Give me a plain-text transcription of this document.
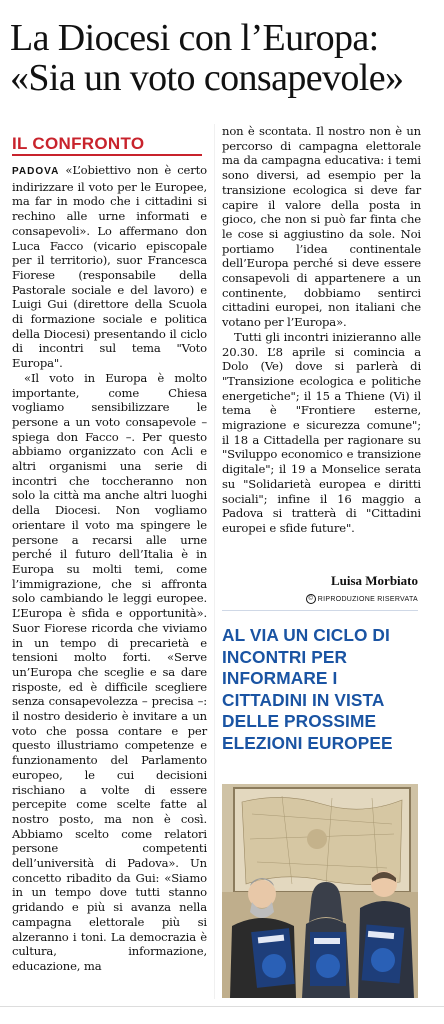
La Diocesi con l’Europa:
«Sia un voto consapevole»
IL CONFRONTO

PADOVA «L’obiettivo non è certo indirizzare il voto per le Europee, ma far in modo che i cittadini si rechino alle urne informati e consapevoli». Lo affermano don Luca Facco (vicario episcopale per il territorio), suor Francesca Fiorese (responsabile della Pastorale sociale e del lavoro) e Luigi Gui (direttore della Scuola di formazione sociale e politica della Diocesi) presentando il ciclo di incontri sul tema "Voto Europa".

«Il voto in Europa è molto importante, come Chiesa vogliamo sensibilizzare le persone a un voto consapevole – spiega don Facco –. Per questo abbiamo organizzato con Acli e altri organismi una serie di incontri che toccheranno non solo la città ma anche altri luoghi della Diocesi. Non vogliamo orientare il voto ma spingere le persone a recarsi alle urne perché il futuro dell’Italia è in Europa su molti temi, come l’immigrazione, che si affronta solo cambiando le leggi europee. L’Europa è sfida e opportunità». Suor Fiorese ricorda che viviamo in un tempo di precarietà e tensioni molto forti. «Serve un’Europa che sceglie e sa dare risposte, ed è difficile scegliere senza consapevolezza – precisa –: il nostro desiderio è invitare a un voto che possa contare e per questo illustriamo competenze e funzionamento del Parlamento europeo, le cui decisioni rischiano a volte di essere percepite come scelte fatte al nostro posto, ma non è così. Abbiamo scelto come relatori persone competenti dell’università di Padova». Un concetto ribadito da Gui: «Siamo in un tempo dove tutti stanno gridando e più si avanza nella campagna elettorale più si alzeranno i toni. La democrazia è cultura, informazione, educazione, ma

non è scontata. Il nostro non è un percorso di campagna elettorale ma da campagna educativa: i temi sono diversi, ad esempio per la transizione ecologica si deve far capire il valore della posta in gioco, che non si può far finta che le cose si aggiustino da sole. Noi portiamo l’idea continentale dell’Europa perché si deve essere consapevoli di appartenere a un continente, dobbiamo sentirci cittadini europei, non italiani che votano per l’Europa».

Tutti gli incontri inizieranno alle 20.30. L’8 aprile si comincia a Dolo (Ve) dove si parlerà di "Transizione ecologica e politiche energetiche"; il 15 a Thiene (Vi) il tema è "Frontiere esterne, migrazione e sicurezza comune"; il 18 a Cittadella per ragionare su "Sviluppo economico e transizione digitale"; il 19 a Monselice serata su "Solidarietà europea e diritti sociali"; infine il 16 maggio a Padova si tratterà di "Cittadini europei e sfide future".

Luisa Morbiato
© RIPRODUZIONE RISERVATA
AL VIA UN CICLO DI INCONTRI PER INFORMARE I CITTADINI IN VISTA DELLE PROSSIME ELEZIONI EUROPEE
